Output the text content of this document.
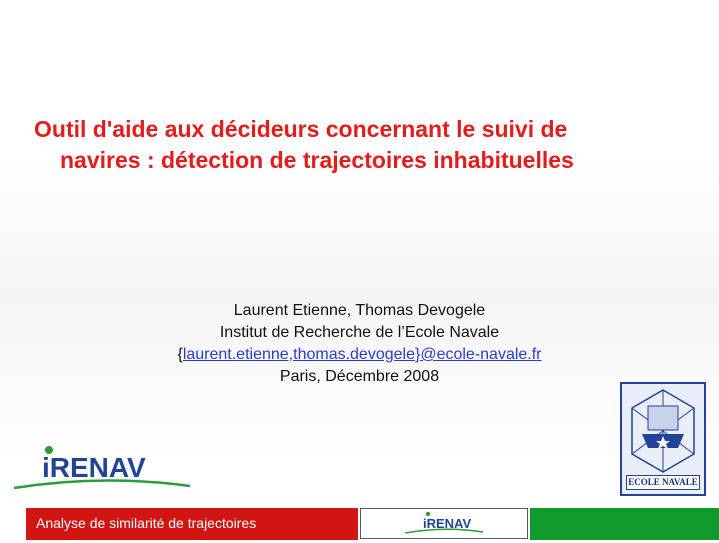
Outil d'aide aux décideurs concernant le suivi de
navires : détection de trajectoires inhabituelles
Laurent Etienne, Thomas Devogele
Institut de Recherche de l’Ecole Navale
{laurent.etienne,thomas.devogele}@ecole-navale.fr
Paris, Décembre 2008
iRENAV	ECOLE NAVALE
Analyse de similarité de trajectoires	iRENAV
